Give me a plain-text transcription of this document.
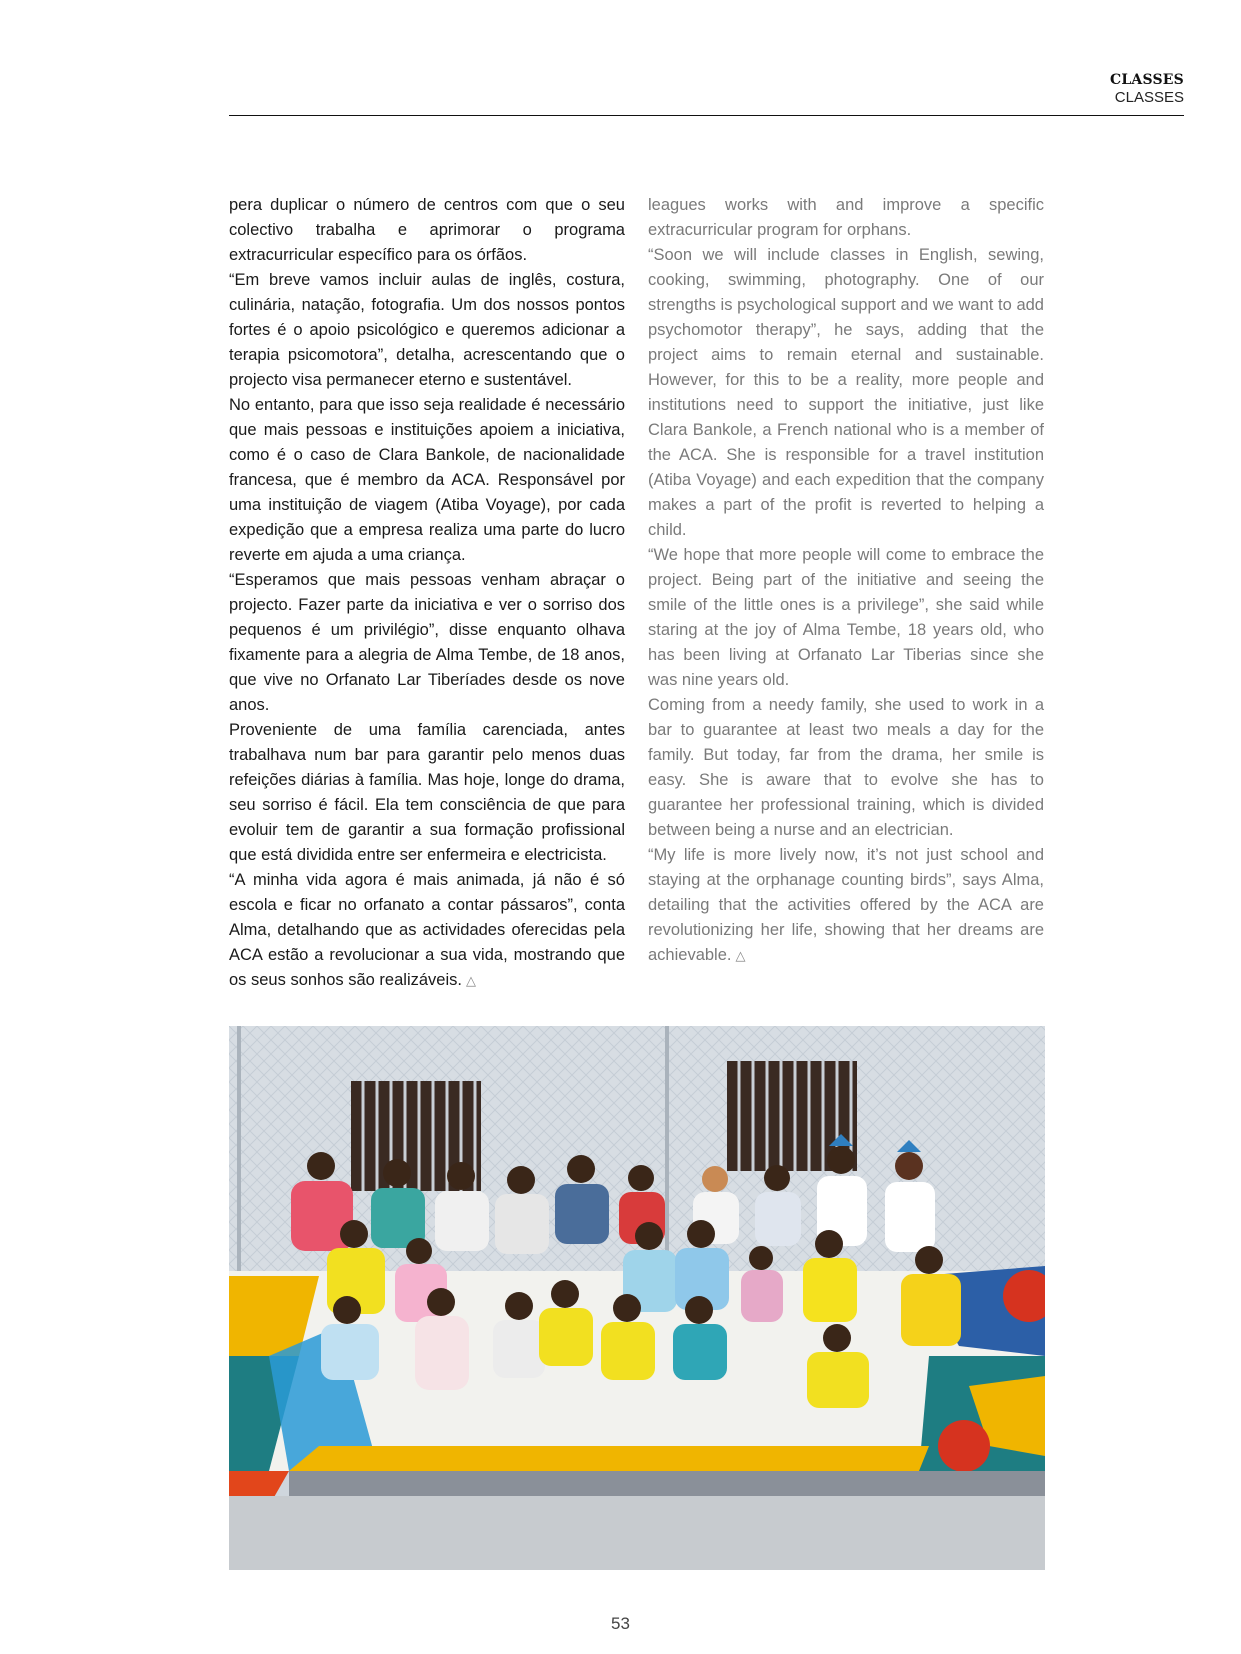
CLASSES
CLASSES

pera duplicar o número de centros com que o seu colectivo trabalha e aprimorar o programa extracurricular específico para os órfãos.

“Em breve vamos incluir aulas de inglês, costura, culinária, natação, fotografia. Um dos nossos pontos fortes é o apoio psicológico e queremos adicionar a terapia psicomotora”, detalha, acrescentando que o projecto visa permanecer eterno e sustentável.

No entanto, para que isso seja realidade é necessário que mais pessoas e instituições apoiem a iniciativa, como é o caso de Clara Bankole, de nacionalidade francesa, que é membro da ACA. Responsável por uma instituição de viagem (Atiba Voyage), por cada expedição que a empresa realiza uma parte do lucro reverte em ajuda a uma criança.

“Esperamos que mais pessoas venham abraçar o projecto. Fazer parte da iniciativa e ver o sorriso dos pequenos é um privilégio”, disse enquanto olhava fixamente para a alegria de Alma Tembe, de 18 anos, que vive no Orfanato Lar Tiberíades desde os nove anos.

Proveniente de uma família carenciada, antes trabalhava num bar para garantir pelo menos duas refeições diárias à família. Mas hoje, longe do drama, seu sorriso é fácil. Ela tem consciência de que para evoluir tem de garantir a sua formação profissional que está dividida entre ser enfermeira e electricista.

“A minha vida agora é mais animada, já não é só escola e ficar no orfanato a contar pássaros”, conta Alma, detalhando que as actividades oferecidas pela ACA estão a revolucionar a sua vida, mostrando que os seus sonhos são realizáveis. △

leagues works with and improve a specific extracurricular program for orphans.

“Soon we will include classes in English, sewing, cooking, swimming, photography. One of our strengths is psychological support and we want to add psychomotor therapy”, he says, adding that the project aims to remain eternal and sustainable. However, for this to be a reality, more people and institutions need to support the initiative, just like Clara Bankole, a French national who is a member of the ACA. She is responsible for a travel institution (Atiba Voyage) and each expedition that the company makes a part of the profit is reverted to helping a child.

“We hope that more people will come to embrace the project. Being part of the initiative and seeing the smile of the little ones is a privilege”, she said while staring at the joy of Alma Tembe, 18 years old, who has been living at Orfanato Lar Tiberias since she was nine years old.

Coming from a needy family, she used to work in a bar to guarantee at least two meals a day for the family. But today, far from the drama, her smile is easy. She is aware that to evolve she has to guarantee her professional training, which is divided between being a nurse and an electrician.

“My life is more lively now, it’s not just school and staying at the orphanage counting birds”, says Alma, detailing that the activities offered by the ACA are revolutionizing her life, showing that her dreams are achievable. △

53
